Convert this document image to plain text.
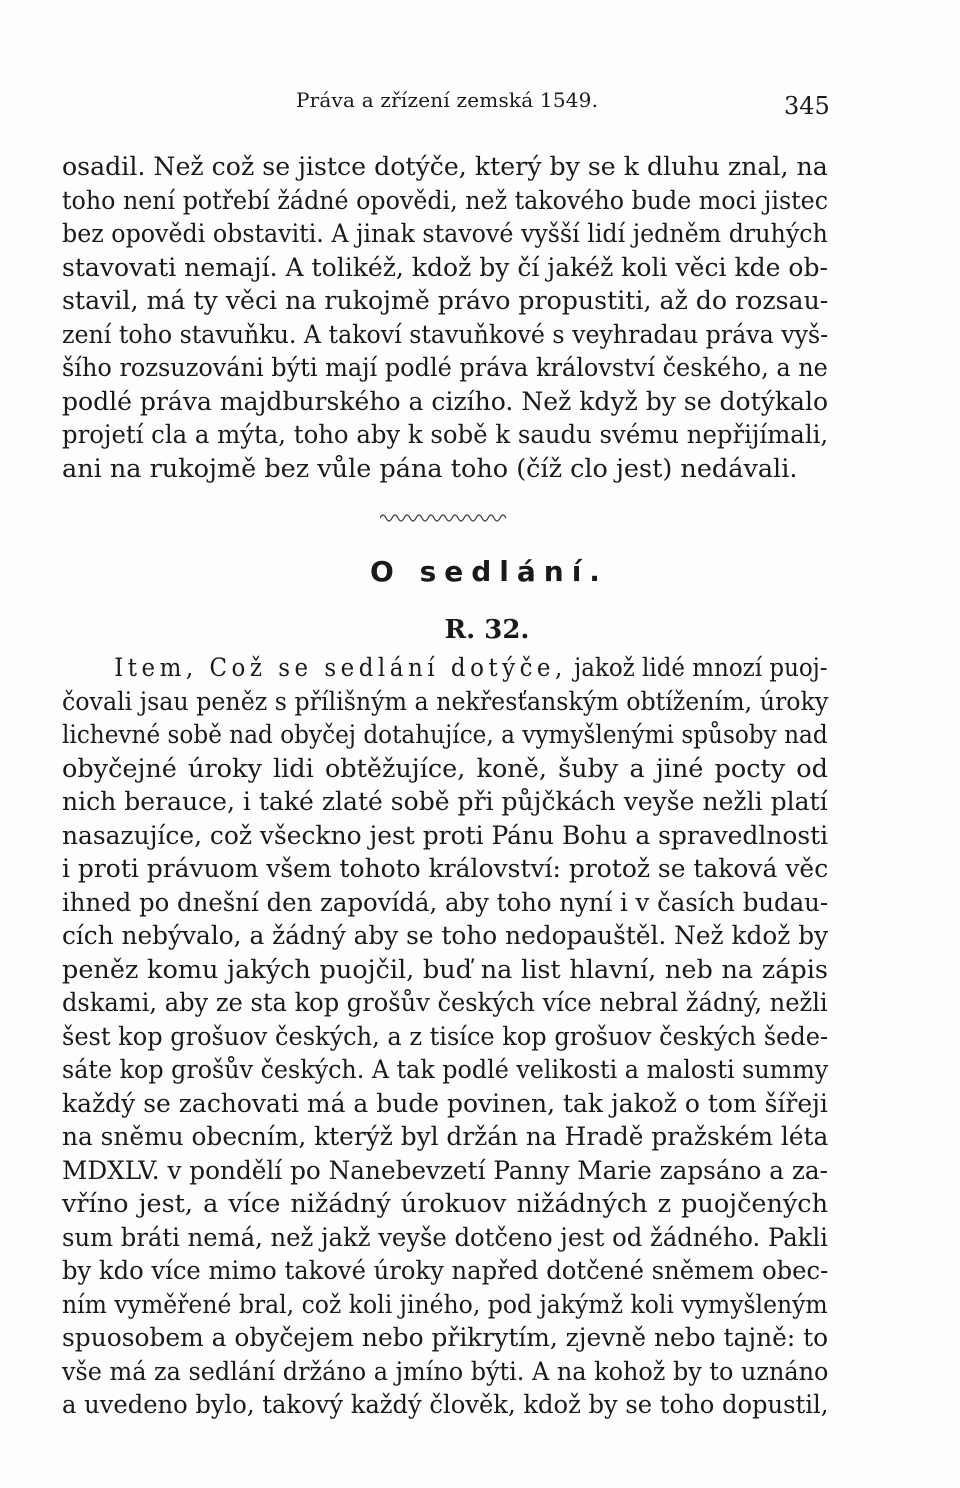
Práva a zřízení zemská 1549.	345
osadil. Než což se jistce dotýče, který by se k dluhu znal, na
toho není potřebí žádné opovědi, než takového bude moci jistec
bez opovědi obstaviti. A jinak stavové vyšší lidí jedněm druhých
stavovati nemají. A tolikéž, kdož by čí jakéž koli věci kde ob-
stavil, má ty věci na rukojmě právo propustiti, až do rozsau-
zení toho stavuňku. A takoví stavuňkové s veyhradau práva vyš-
šího rozsuzováni býti mají podlé práva království českého, a ne
podlé práva majdburského a cizího. Než když by se dotýkalo
projetí cla a mýta, toho aby k sobě k saudu svému nepřijímali,
ani na rukojmě bez vůle pána toho (číž clo jest) nedávali.
O sedlání.
R. 32.
Item, Což se sedlání dotýče, jakož lidé mnozí puoj-
čovali jsau peněz s přílišným a nekřesťanským obtížením, úroky
lichevné sobě nad obyčej dotahujíce, a vymyšlenými spůsoby nad
obyčejné úroky lidi obtěžujíce, koně, šuby a jiné pocty od
nich berauce, i také zlaté sobě při půjčkách veyše nežli platí
nasazujíce, což všeckno jest proti Pánu Bohu a spravedlnosti
i proti právuom všem tohoto království: protož se taková věc
ihned po dnešní den zapovídá, aby toho nyní i v časích budau-
cích nebývalo, a žádný aby se toho nedopauštěl. Než kdož by
peněz komu jakých puojčil, buď na list hlavní, neb na zápis
dskami, aby ze sta kop grošův českých více nebral žádný, nežli
šest kop grošuov českých, a z tisíce kop grošuov českých šede-
sáte kop grošův českých. A tak podlé velikosti a malosti summy
každý se zachovati má a bude povinen, tak jakož o tom šířeji
na sněmu obecním, kterýž byl držán na Hradě pražském léta
MDXLV. v pondělí po Nanebevzetí Panny Marie zapsáno a za-
vříno jest, a více nižádný úrokuov nižádných z puojčených
sum bráti nemá, než jakž veyše dotčeno jest od žádného. Pakli
by kdo více mimo takové úroky napřed dotčené sněmem obec-
ním vyměřené bral, což koli jiného, pod jakýmž koli vymyšleným
spuosobem a obyčejem nebo přikrytím, zjevně nebo tajně: to
vše má za sedlání držáno a jmíno býti. A na kohož by to uznáno
a uvedeno bylo, takový každý člověk, kdož by se toho dopustil,
